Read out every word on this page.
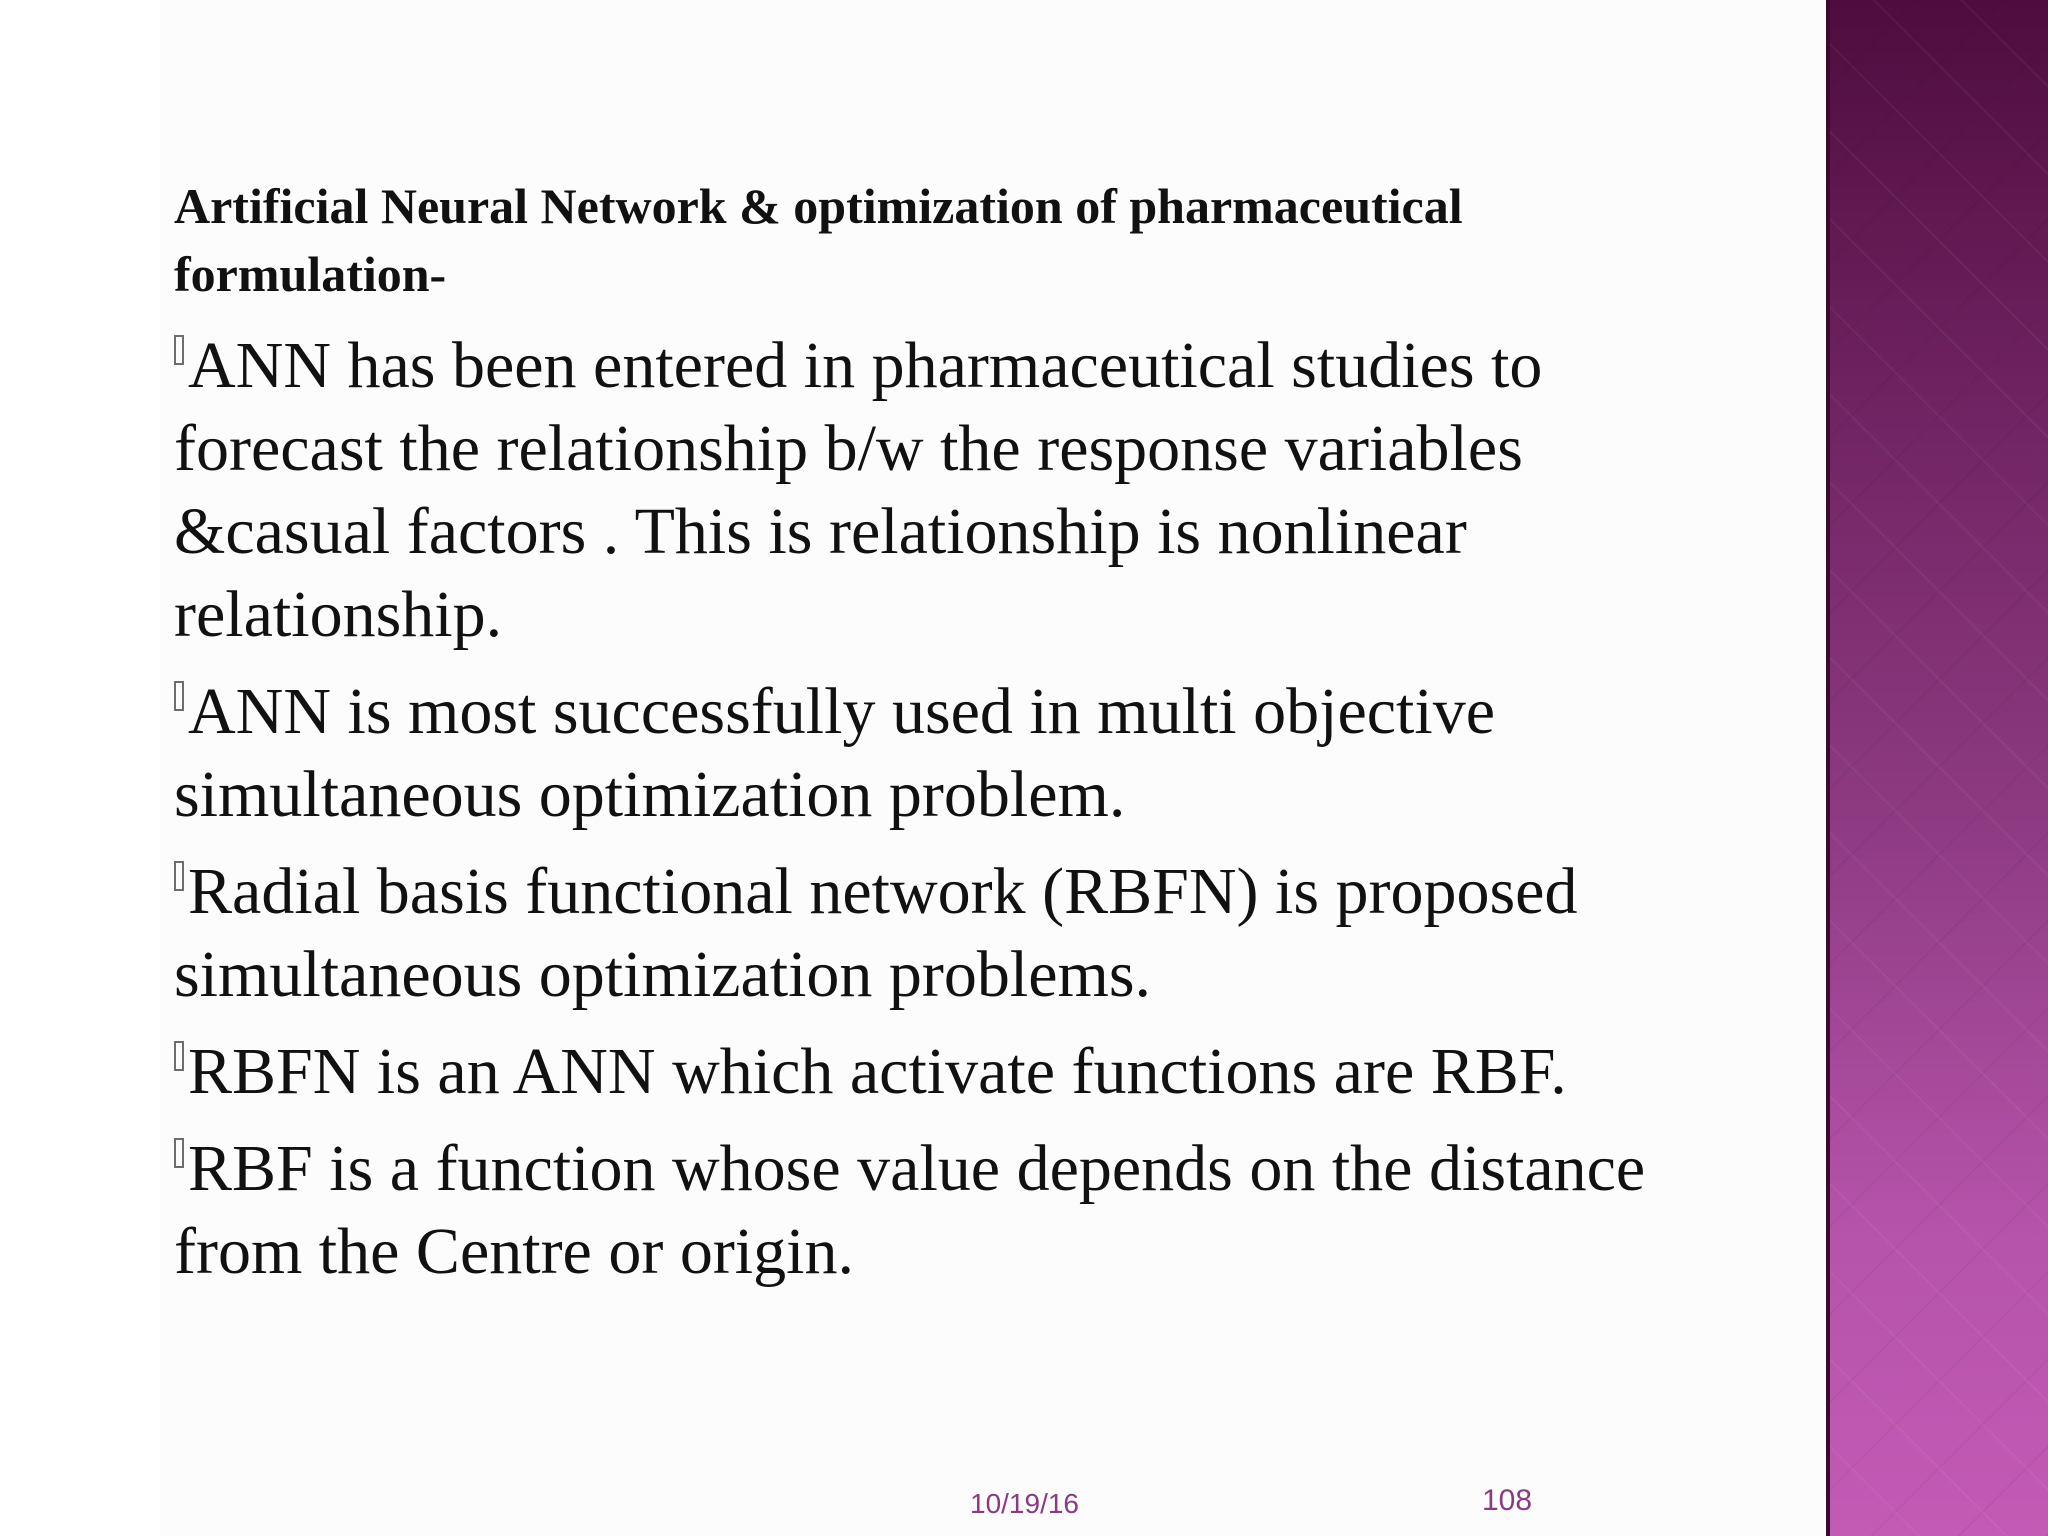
Artificial Neural Network & optimization of pharmaceutical formulation-
ANN has been entered in pharmaceutical studies to forecast the relationship b/w the response variables &casual factors . This is relationship is nonlinear relationship.
ANN is most successfully used in multi objective simultaneous optimization problem.
Radial basis functional network (RBFN) is proposed simultaneous optimization problems.
RBFN is an ANN which activate functions are RBF.
RBF is a function whose value depends on the distance from the Centre or origin.
10/19/16	108
